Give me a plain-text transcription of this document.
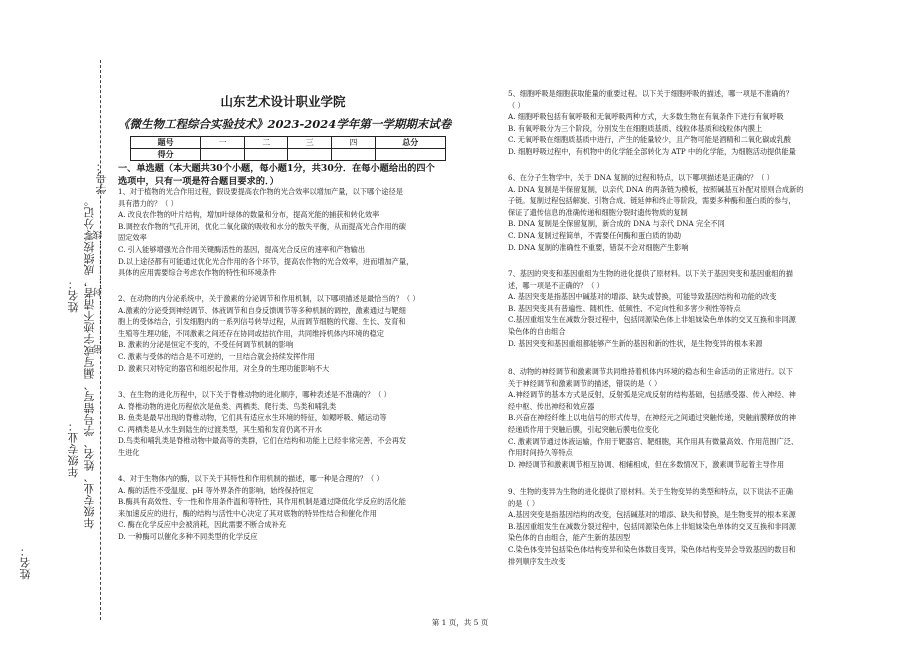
学号：
姓名： 年级专业、姓名、学号错写、漏写或字迹不清者，成绩按零分记。
密……………封……………线
年级专业：
姓名：
山东艺术设计职业学院
《微生物工程综合实验技术》2023-2024学年第一学期期末试卷
题号	一	二	三	四	总分
得分					
一、单选题（本大题共30个小题，每小题1分，共30分．在每小题给出的四个
选项中，只有一项是符合题目要求的．）
1、对于植物的光合作用过程，假设要提高农作物的光合效率以增加产量，以下哪个途径是
具有潜力的？（ ）
A. 改良农作物的叶片结构，增加叶绿体的数量和分布，提高光能的捕获和转化效率
B.调控农作物的气孔开闭，优化二氧化碳的吸收和水分的散失平衡，从而提高光合作用的碳
固定效率
C. 引入能够增强光合作用关键酶活性的基因，提高光合反应的速率和产物输出
D.以上途径都有可能通过优化光合作用的各个环节，提高农作物的光合效率，进而增加产量，
具体的应用需要综合考虑农作物的特性和环境条件
2、在动物的内分泌系统中，关于激素的分泌调节和作用机制，以下哪项描述是最恰当的？（ ）
A.激素的分泌受到神经调节、体液调节和自身反馈调节等多种机制的调控，激素通过与靶细
胞上的受体结合，引发细胞内的一系列信号转导过程，从而调节细胞的代谢、生长、发育和
生殖等生理功能，不同激素之间还存在协同或拮抗作用，共同维持机体内环境的稳定
B. 激素的分泌是恒定不变的，不受任何调节机制的影响
C. 激素与受体的结合是不可逆的，一旦结合就会持续发挥作用
D. 激素只对特定的器官和组织起作用，对全身的生理功能影响不大
3、在生物的进化历程中，以下关于脊椎动物的进化顺序，哪种表述是不准确的？（ ）
A. 脊椎动物的进化历程依次是鱼类、两栖类、爬行类、鸟类和哺乳类
B. 鱼类是最早出现的脊椎动物，它们具有适应水生环境的特征，如鳃呼吸、鳍运动等
C. 两栖类是从水生到陆生的过渡类型，其生殖和发育仍离不开水
D.鸟类和哺乳类是脊椎动物中最高等的类群，它们在结构和功能上已经非常完善，不会再发
生进化
4、对于生物体内的酶，以下关于其特性和作用机制的描述，哪一种是合理的？（ ）
A. 酶的活性不受温度、pH 等外界条件的影响，始终保持恒定
B.酶具有高效性、专一性和作用条件温和等特性，其作用机制是通过降低化学反应的活化能
来加速反应的进行，酶的结构与活性中心决定了其对底物的特异性结合和催化作用
C. 酶在化学反应中会被消耗，因此需要不断合成补充
D. 一种酶可以催化多种不同类型的化学反应
5、细胞呼吸是细胞获取能量的重要过程。以下关于细胞呼吸的描述，哪一项是不准确的？
（ ）
A. 细胞呼吸包括有氧呼吸和无氧呼吸两种方式，大多数生物在有氧条件下进行有氧呼吸
B. 有氧呼吸分为三个阶段，分别发生在细胞质基质、线粒体基质和线粒体内膜上
C. 无氧呼吸在细胞质基质中进行，产生的能量较少，且产物可能是酒精和二氧化碳或乳酸
D. 细胞呼吸过程中，有机物中的化学能全部转化为 ATP 中的化学能，为细胞活动提供能量
6、在分子生物学中，关于 DNA 复制的过程和特点，以下哪项描述是正确的？（ ）
A. DNA 复制是半保留复制，以亲代 DNA 的两条链为模板，按照碱基互补配对原则合成新的
子链。复制过程包括解旋、引物合成、链延伸和终止等阶段，需要多种酶和蛋白质的参与，
保证了遗传信息的准确传递和细胞分裂时遗传物质的复制
B. DNA 复制是全保留复制，新合成的 DNA 与亲代 DNA 完全不同
C. DNA 复制过程简单，不需要任何酶和蛋白质的协助
D. DNA 复制的准确性不重要，错误不会对细胞产生影响
7、基因的突变和基因重组为生物的进化提供了原材料。以下关于基因突变和基因重组的描
述，哪一项是不正确的？（ ）
A. 基因突变是指基因中碱基对的增添、缺失或替换，可能导致基因结构和功能的改变
B. 基因突变具有普遍性、随机性、低频性、不定向性和多害少利性等特点
C.基因重组发生在减数分裂过程中，包括同源染色体上非姐妹染色单体的交叉互换和非同源
染色体的自由组合
D. 基因突变和基因重组都能够产生新的基因和新的性状，是生物变异的根本来源
8、动物的神经调节和激素调节共同维持着机体内环境的稳态和生命活动的正常进行。以下
关于神经调节和激素调节的描述，错误的是（ ）
A.神经调节的基本方式是反射，反射弧是完成反射的结构基础，包括感受器、传入神经、神
经中枢、传出神经和效应器
B.兴奋在神经纤维上以电信号的形式传导，在神经元之间通过突触传递，突触前膜释放的神
经递质作用于突触后膜，引起突触后膜电位变化
C. 激素调节通过体液运输，作用于靶器官、靶细胞，其作用具有微量高效、作用范围广泛、
作用时间持久等特点
D. 神经调节和激素调节相互协调、相辅相成，但在多数情况下，激素调节起着主导作用
9、生物的变异为生物的进化提供了原材料。关于生物变异的类型和特点，以下说法不正确
的是（ ）
A.基因突变是指基因结构的改变，包括碱基对的增添、缺失和替换，是生物变异的根本来源
B.基因重组发生在减数分裂过程中，包括同源染色体上非姐妹染色单体的交叉互换和非同源
染色体的自由组合，能产生新的基因型
C.染色体变异包括染色体结构变异和染色体数目变异，染色体结构变异会导致基因的数目和
排列顺序发生改变
第 1 页，共 5 页
